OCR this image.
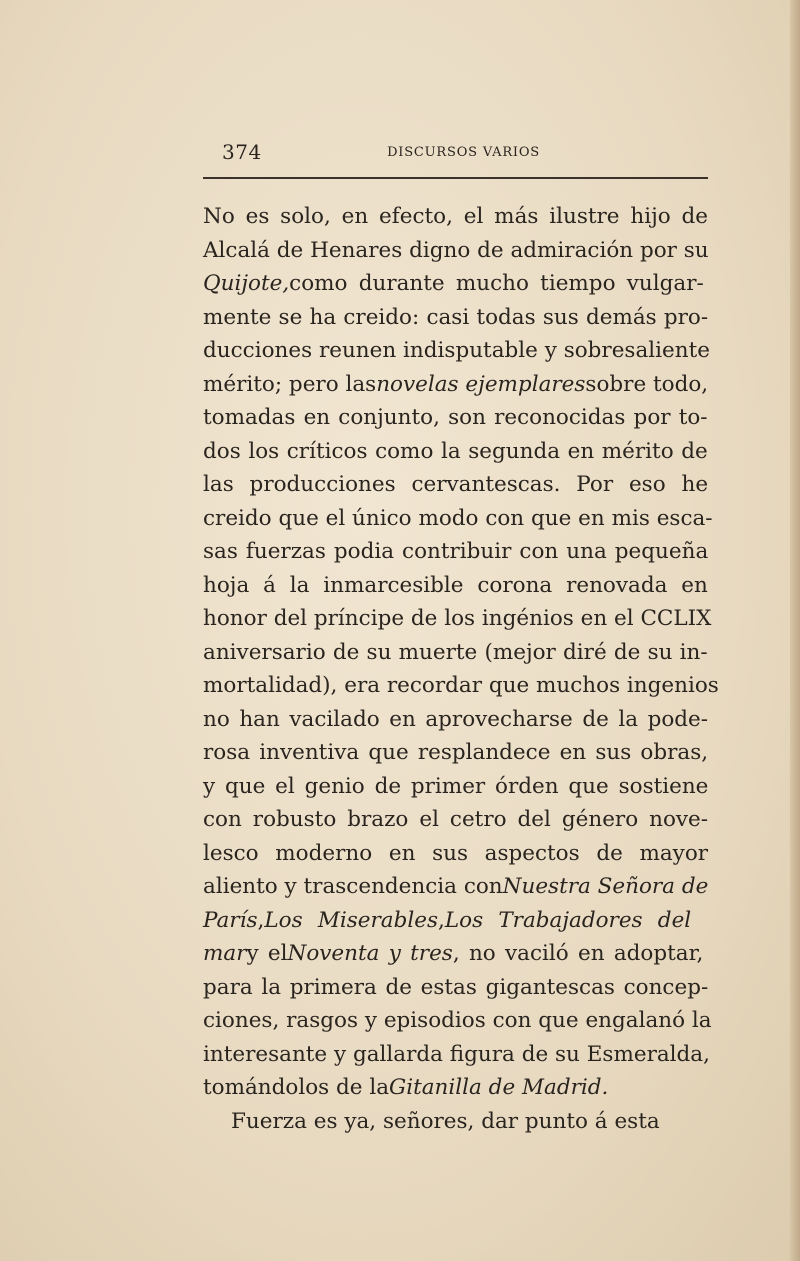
374	DISCURSOS VARIOS
No es solo, en efecto, el más ilustre hijo de
Alcalá de Henares digno de admiración por su
Quijote,como durante mucho tiempo vulgar-
mente se ha creido: casi todas sus demás pro-
ducciones reunen indisputable y sobresaliente
mérito; pero lasnovelas ejemplaressobre todo,
tomadas en conjunto, son reconocidas por to-
dos los críticos como la segunda en mérito de
las producciones cervantescas. Por eso he
creido que el único modo con que en mis esca-
sas fuerzas podia contribuir con una pequeña
hoja á la inmarcesible corona renovada en
honor del príncipe de los ingénios en el CCLIX
aniversario de su muerte (mejor diré de su in-
mortalidad), era recordar que muchos ingenios
no han vacilado en aprovecharse de la pode-
rosa inventiva que resplandece en sus obras,
y que el genio de primer órden que sostiene
con robusto brazo el cetro del género nove-
lesco moderno en sus aspectos de mayor
aliento y trascendencia conNuestra Señora de
París,Los Miserables,Los Trabajadores del
mary elNoventa y tres, no vaciló en adoptar,
para la primera de estas gigantescas concep-
ciones, rasgos y episodios con que engalanó la
interesante y gallarda figura de su Esmeralda,
tomándolos de laGitanilla de Madrid.
Fuerza es ya, señores, dar punto á esta
